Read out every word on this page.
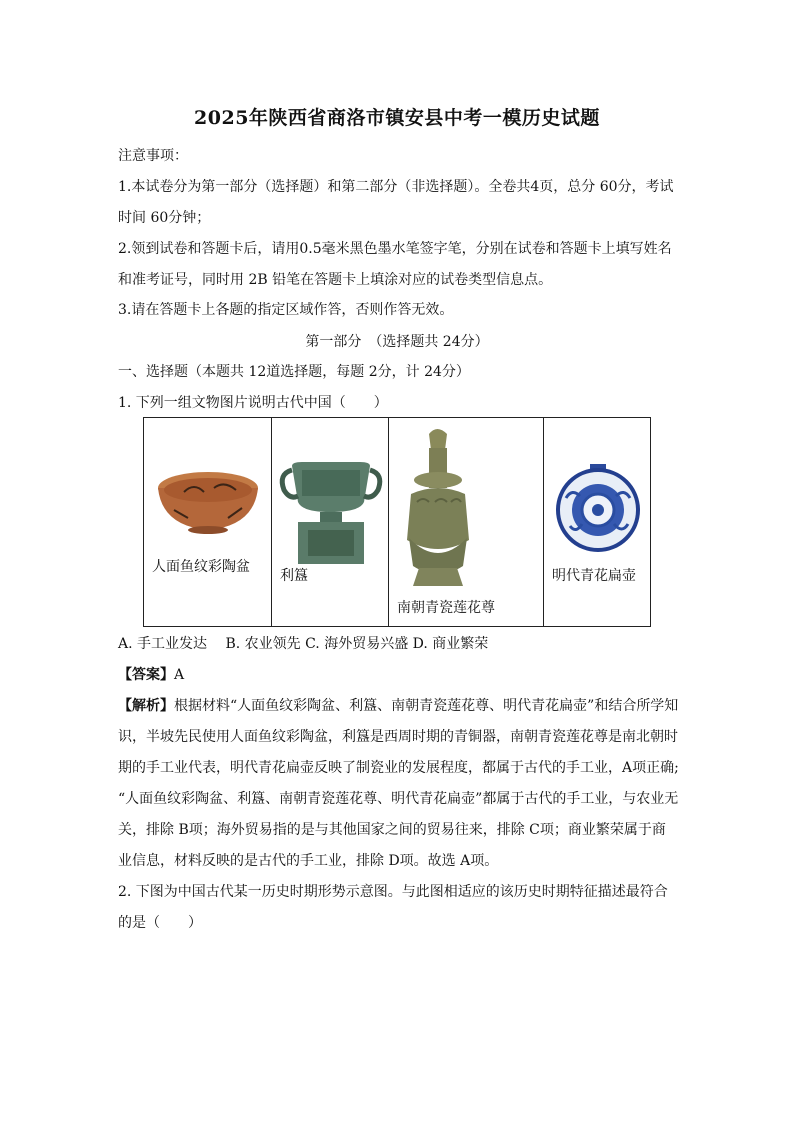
2025年陕西省商洛市镇安县中考一模历史试题
注意事项：
1.本试卷分为第一部分（选择题）和第二部分（非选择题）。全卷共4页，总分 60分，考试
时间 60分钟；
2.领到试卷和答题卡后，请用0.5毫米黑色墨水笔签字笔，分别在试卷和答题卡上填写姓名
和准考证号，同时用 2B 铅笔在答题卡上填涂对应的试卷类型信息点。
3.请在答题卡上各题的指定区域作答，否则作答无效。
第一部分　（选择题共 24分）
一、选择题（本题共 12道选择题，每题 2分，计 24分）
1. 下列一组文物图片说明古代中国（　　）
人面鱼纹彩陶盆

利簋

南朝青瓷莲花尊

明代青花扁壶
A. 手工业发达　 B. 农业领先 C. 海外贸易兴盛 D. 商业繁荣
【答案】A
【解析】根据材料“人面鱼纹彩陶盆、利簋、南朝青瓷莲花尊、明代青花扁壶”和结合所学知
识，半坡先民使用人面鱼纹彩陶盆，利簋是西周时期的青铜器，南朝青瓷莲花尊是南北朝时
期的手工业代表，明代青花扁壶反映了制瓷业的发展程度，都属于古代的手工业，A项正确;
“人面鱼纹彩陶盆、利簋、南朝青瓷莲花尊、明代青花扁壶”都属于古代的手工业，与农业无
关，排除 B项；海外贸易指的是与其他国家之间的贸易往来，排除 C项；商业繁荣属于商
业信息，材料反映的是古代的手工业，排除 D项。故选 A项。
2. 下图为中国古代某一历史时期形势示意图。与此图相适应的该历史时期特征描述最符合
的是（　　）
